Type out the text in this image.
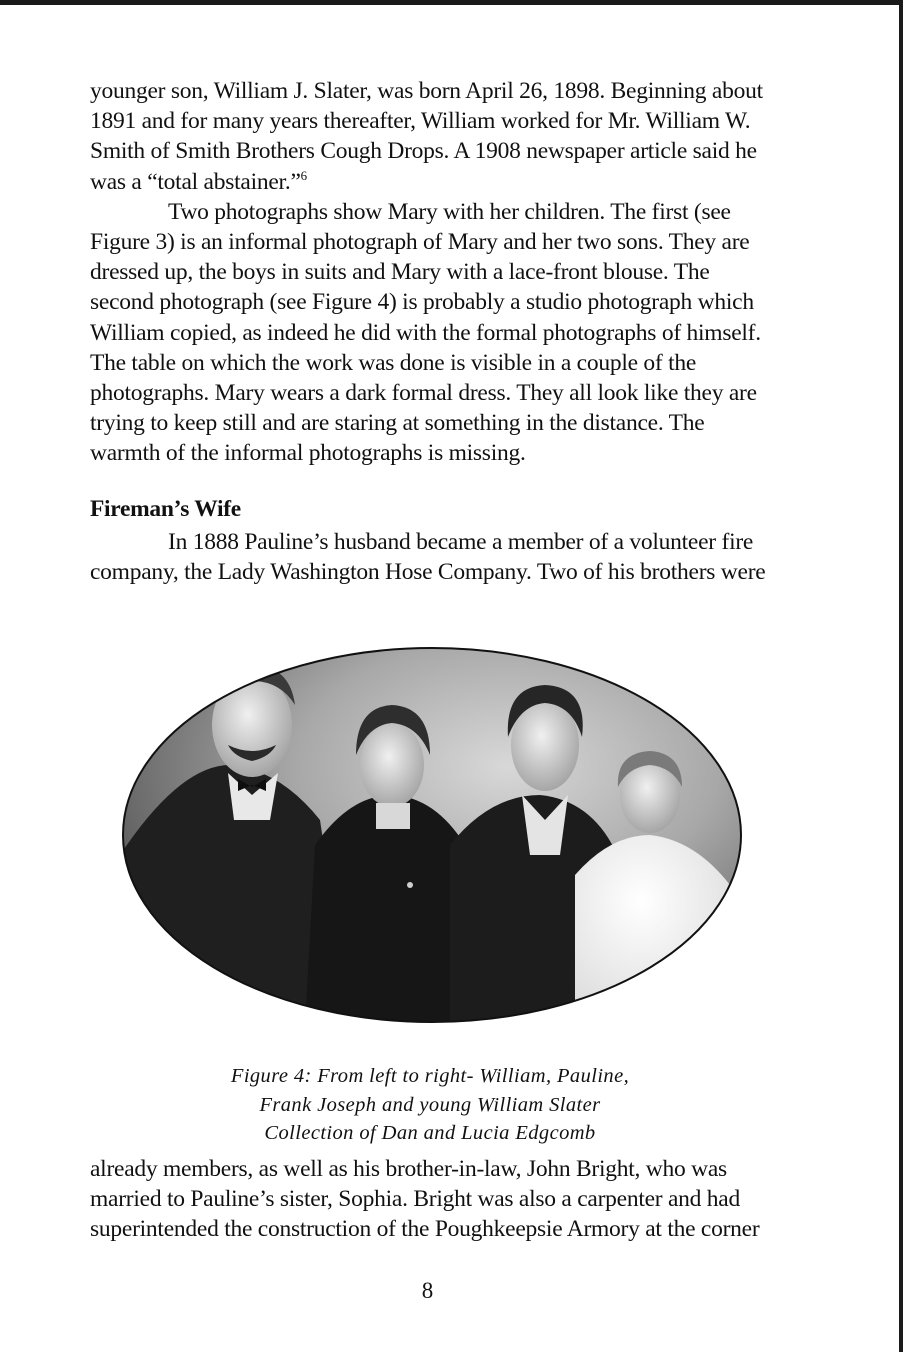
younger son, William J. Slater, was born April 26, 1898. Beginning about 1891 and for many years thereafter, William worked for Mr. William W. Smith of Smith Brothers Cough Drops. A 1908 newspaper article said he was a “total abstainer.”$^6$

Two photographs show Mary with her children. The first (see Figure 3) is an informal photograph of Mary and her two sons. They are dressed up, the boys in suits and Mary with a lace-front blouse. The second photograph (see Figure 4) is probably a studio photograph which William copied, as indeed he did with the formal photographs of himself. The table on which the work was done is visible in a couple of the photographs. Mary wears a dark formal dress. They all look like they are trying to keep still and are staring at something in the distance. The warmth of the informal photographs is missing.

Fireman’s Wife

In 1888 Pauline’s husband became a member of a volunteer fire company, the Lady Washington Hose Company. Two of his brothers were

Figure 4: From left to right- William, Pauline,
Frank Joseph and young William Slater
Collection of Dan and Lucia Edgcomb

already members, as well as his brother-in-law, John Bright, who was married to Pauline’s sister, Sophia. Bright was also a carpenter and had superintended the construction of the Poughkeepsie Armory at the corner

8
